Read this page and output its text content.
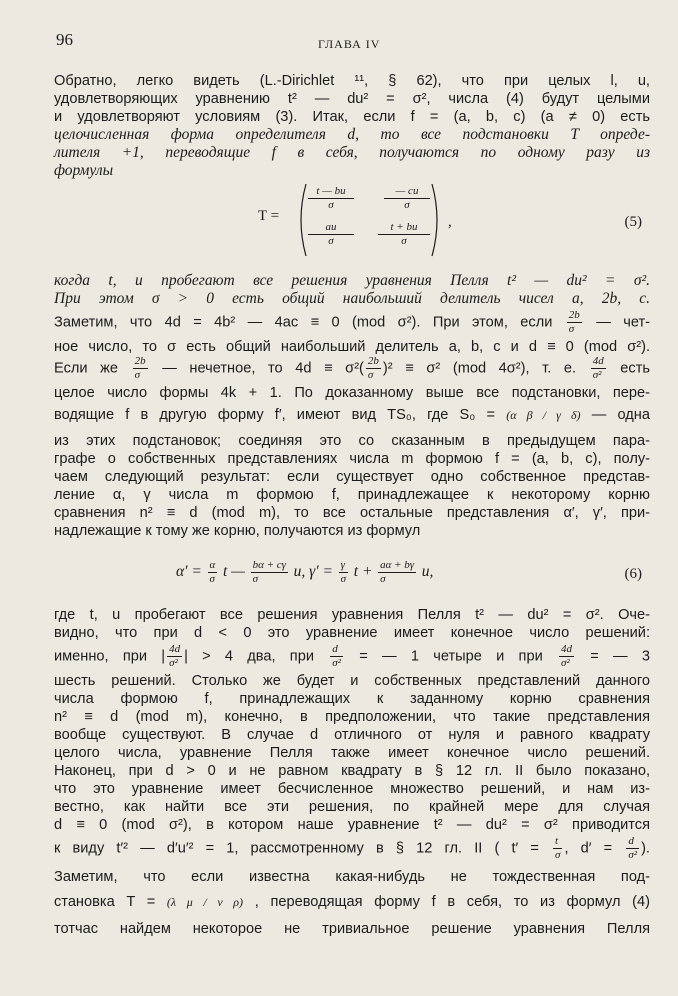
96	ГЛАВА IV
Обратно, легко видеть (L.-Dirichlet ¹¹, § 62), что при целых l, u,
удовлетворяющих уравнению t² — du² = σ², числа (4) будут целыми
и удовлетворяют условиям (3). Итак, если f = (a, b, c) (a ≠ 0) есть
целочисленная форма определителя d, то все подстановки T опреде-
лителя +1, переводящие f в себя, получаются по одному разу из
формулы
T =
$\frac{t — bu}{\sigma}$	$\frac{— cu}{\sigma}$
$\frac{au}{\sigma} \frac{t + bu}{\sigma}$ ,	(5)
когда t, u пробегают все решения уравнения Пелля t² — du² = σ².
При этом σ > 0 есть общий наибольший делитель чисел a, 2b, c.
Заметим, что 4d = 4b² — 4ac ≡ 0 (mod σ²). При этом, если $\frac{2b}{\sigma}$ — чет-
ное число, то σ есть общий наибольший делитель a, b, c и d ≡ 0 (mod σ²).
Если же $\frac{2b}{\sigma}$ — нечетное, то $4d \equiv \sigma^2( \frac{2b}{\sigma} )^2 \equiv \sigma^2$ (mod 4σ²), т. е. $\frac{4d}{\text{σ²}}$ есть
целое число формы 4k + 1. По доказанному выше все подстановки, пере-
водящие f в другую форму f′, имеют вид TS₀, где S₀ = (α β / γ δ) — одна
из этих подстановок; соединяя это со сказанным в предыдущем пара-
графе о собственных представлениях числа m формою f = (a, b, c), полу-
чаем следующий результат: если существует одно собственное представ-
ление α, γ числа m формою f, принадлежащее к некоторому корню
сравнения n² ≡ d (mod m), то все остальные представления α′, γ′, при-
надлежащие к тому же корню, получаются из формул
$\alpha' = \frac{\alpha}{\sigma}$ t — $\frac{b\alpha + c\gamma}{\sigma} u$, $\gamma' = \frac{\gamma}{\sigma}$ $t + \frac{a\alpha + b\gamma}{\sigma} u$,	(6)
где t, u пробегают все решения уравнения Пелля t² — du² = σ². Оче-
видно, что при d < 0 это уравнение имеет конечное число решений:
именно, при | $\frac{4d}{\text{σ²}}$ | > 4 два, при $\frac{d}{\text{σ²}}$ = — 1 четыре и при $\frac{4d}{\text{σ²}}$ = — 3
шесть решений. Столько же будет и собственных представлений данного
числа формою f, принадлежащих к заданному корню сравнения
n² ≡ d (mod m), конечно, в предположении, что такие представления
вообще существуют. В случае d отличного от нуля и равного квадрату
целого числа, уравнение Пелля также имеет конечное число решений.
Наконец, при d > 0 и не равном квадрату в § 12 гл. II было показано,
что это уравнение имеет бесчисленное множество решений, и нам из-
вестно, как найти все эти решения, по крайней мере для случая
d ≡ 0 (mod σ²), в котором наше уравнение t² — du² = σ² приводится
к виду t′² — d′u′² = 1, рассмотренному в § 12 гл. II ( $t' = \frac{t}{\sigma}$ , $d' = \frac{d}{\text{σ²}}$ ).
Заметим, что если известна какая-нибудь не тождественная под-
становка T = (λ μ / ν ρ) , переводящая форму f в себя, то из формул (4)
тотчас найдем некоторое не тривиальное решение уравнения Пелля
